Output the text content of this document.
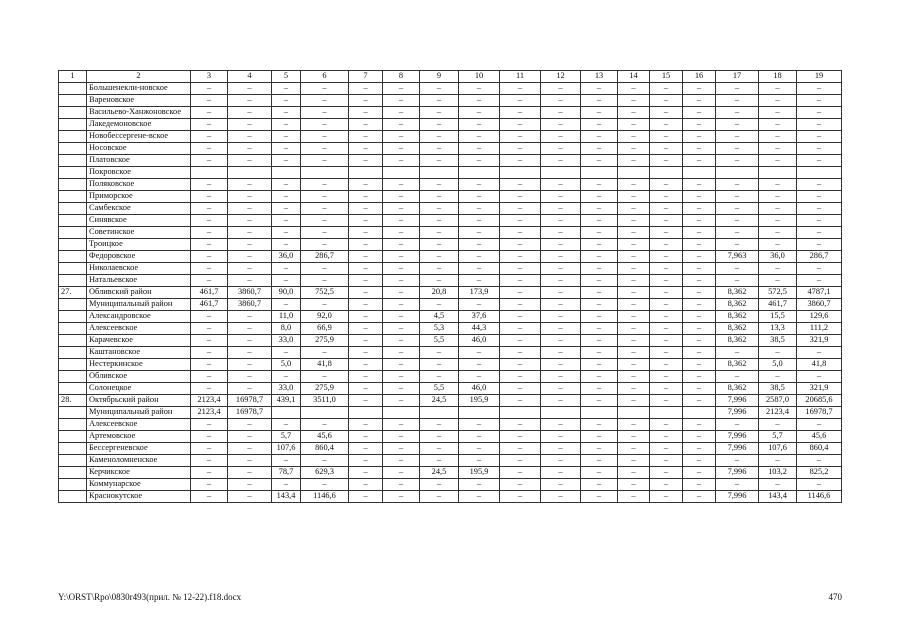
1	2	3	4	5	6	7	8	9	10	11	12	13	14	15	16	17	18	19
	Большенекли-новское	–	–	–	–	–	–	–	–	–	–	–	–	–	–	–	–	–
	Вареновское	–	–	–	–	–	–	–	–	–	–	–	–	–	–	–	–	–
	Васильево-Ханжоновское	–	–	–	–	–	–	–	–	–	–	–	–	–	–	–	–	–
	Лакедемоновское	–	–	–	–	–	–	–	–	–	–	–	–	–	–	–	–	–
	Новобессергене-вское	–	–	–	–	–	–	–	–	–	–	–	–	–	–	–	–	–
	Носовское	–	–	–	–	–	–	–	–	–	–	–	–	–	–	–	–	–
	Платовское	–	–	–	–	–	–	–	–	–	–	–	–	–	–	–	–	–
	Покровское																	
	Поляковское	–	–	–	–	–	–	–	–	–	–	–	–	–	–	–	–	–
	Приморское	–	–	–	–	–	–	–	–	–	–	–	–	–	–	–	–	–
	Самбекское	–	–	–	–	–	–	–	–	–	–	–	–	–	–	–	–	–
	Синявское	–	–	–	–	–	–	–	–	–	–	–	–	–	–	–	–	–
	Советинское	–	–	–	–	–	–	–	–	–	–	–	–	–	–	–	–	–
	Троицкое	–	–	–	–	–	–	–	–	–	–	–	–	–	–	–	–	–
	Федоровское	–	–	36,0	286,7	–	–	–	–	–	–	–	–	–	–	7,963	36,0	286,7
	Николаевское	–	–	–	–	–	–	–	–	–	–	–	–	–	–	–	–	–
	Натальевское	–	–	–	–	–	–	–	–	–	–	–	–	–	–	–	–	–
27.	Обливский район	461,7	3860,7	90,0	752,5	–	–	20,8	173,9	–	–	–	–	–	–	8,362	572,5	4787,1
	Муниципальный район	461,7	3860,7	–	–	–	–	–	–	–	–	–	–	–	–	8,362	461,7	3860,7
	Александровское	–	–	11,0	92,0	–	–	4,5	37,6	–	–	–	–	–	–	8,362	15,5	129,6
	Алексеевское	–	–	8,0	66,9	–	–	5,3	44,3	–	–	–	–	–	–	8,362	13,3	111,2
	Карачевское	–	–	33,0	275,9	–	–	5,5	46,0	–	–	–	–	–	–	8,362	38,5	321,9
	Каштановское	–	–	–	–	–	–	–	–	–	–	–	–	–	–	–	–	–
	Нестеркинское	–	–	5,0	41,8	–	–	–	–	–	–	–	–	–	–	8,362	5,0	41,8
	Обливское	–	–	–	–	–	–	–	–	–	–	–	–	–	–	–	–	–
	Солонецкое	–	–	33,0	275,9	–	–	5,5	46,0	–	–	–	–	–	–	8,362	38,5	321,9
28.	Октябрьский район	2123,4	16978,7	439,1	3511,0	–	–	24,5	195,9	–	–	–	–	–	–	7,996	2587,0	20685,6
	Муниципальный район	2123,4	16978,7													7,996	2123,4	16978,7
	Алексеевское	–	–	–	–	–	–	–	–	–	–	–	–	–	–	–	–	–
	Артемовское	–	–	5,7	45,6	–	–	–	–	–	–	–	–	–	–	7,996	5,7	45,6
	Бессергеневское	–	–	107,6	860,4	–	–	–	–	–	–	–	–	–	–	7,996	107,6	860,4
	Каменоломненское	–	–	–	–	–	–	–	–	–	–	–	–	–	–	–	–	–
	Керчикское	–	–	78,7	629,3	–	–	24,5	195,9	–	–	–	–	–	–	7,996	103,2	825,2
	Коммунарское	–	–	–	–	–	–	–	–	–	–	–	–	–	–	–	–	–
	Краснокутское	–	–	143,4	1146,6	–	–	–	–	–	–	–	–	–	–	7,996	143,4	1146,6
Y:\ORST\Rpo\0830r493(прил. № 12-22).f18.docx	470
